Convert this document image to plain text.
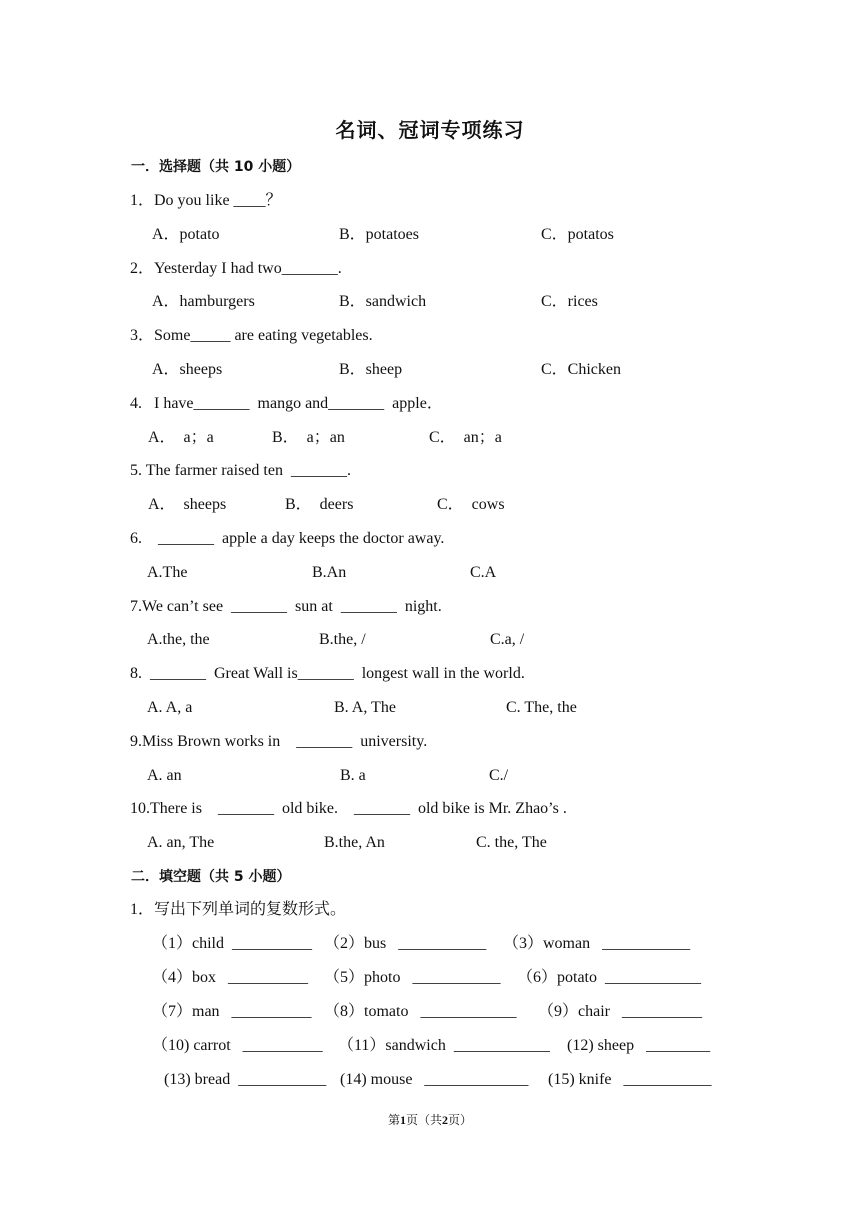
名词、冠词专项练习
一．选择题（共 10 小题）
1．Do you like ____？
A．potato	B．potatoes	C．potatos
2．Yesterday I had two_______.
A．hamburgers	B．sandwich	C．rices
3．Some_____ are eating vegetables.
A．sheeps	B．sheep	C．Chicken
4.   I have_______  mango and_______  apple．
A．  a；a	B．  a；an	C．  an；a
5. The farmer raised ten  _______.
A．  sheeps	B．  deers	C．  cows
6.    _______  apple a day keeps the doctor away.
A.The	B.An	C.A
7.We can’t see  _______  sun at  _______  night.
A.the, the	B.the, /	C.a, /
8.  _______  Great Wall is_______  longest wall in the world.
A. A, a	B. A, The	C. The, the
9.Miss Brown works in    _______  university.
A. an	B. a	C./
10.There is    _______  old bike.    _______  old bike is Mr. Zhao’s .
A. an, The	B.the, An	C. the, The
二．填空题（共 5 小题）
1．写出下列单词的复数形式。
（1）child  __________ （2）bus   ___________ （3）woman   ___________
（4）box   __________ （5）photo   ___________ （6）potato  ____________
（7）man   __________ （8）tomato   ____________ （9）chair   __________
（10) carrot   __________ （11）sandwich  ____________ (12) sheep   ________
(13) bread  ___________ (14) mouse   _____________ (15) knife   ___________
第1页（共2页）
